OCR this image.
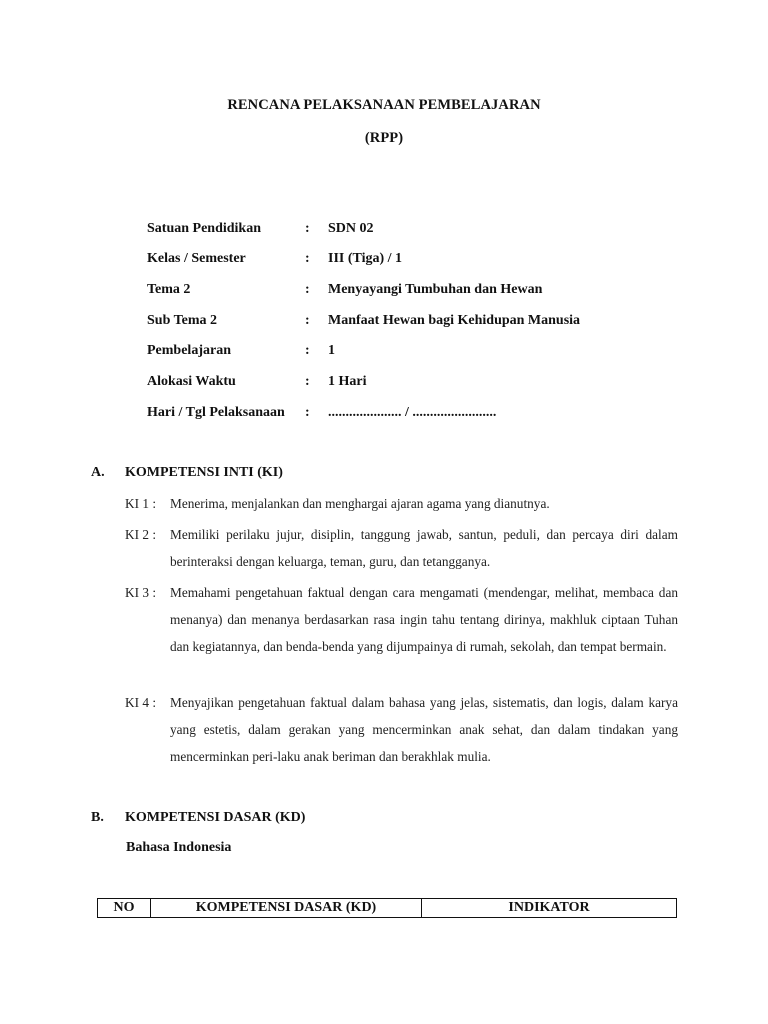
RENCANA PELAKSANAAN PEMBELAJARAN
(RPP)
Satuan Pendidikan	: SDN 02
Kelas / Semester	: III (Tiga) / 1
Tema 2	: Menyayangi Tumbuhan dan Hewan
Sub Tema 2	: Manfaat Hewan bagi Kehidupan Manusia
Pembelajaran	: 1
Alokasi Waktu	: 1 Hari
Hari / Tgl Pelaksanaan : ..................... / ........................
A. KOMPETENSI INTI (KI)
KI 1 : Menerima, menjalankan dan menghargai ajaran agama yang dianutnya.
KI 2 : Memiliki perilaku jujur, disiplin, tanggung jawab, santun, peduli, dan percaya diri dalam berinteraksi dengan keluarga, teman, guru, dan tetangganya.
KI 3 : Memahami pengetahuan faktual dengan cara mengamati (mendengar, melihat, membaca dan menanya) dan menanya berdasarkan rasa ingin tahu tentang dirinya, makhluk ciptaan Tuhan dan kegiatannya, dan benda-benda yang dijumpainya di rumah, sekolah, dan tempat bermain.
KI 4 : Menyajikan pengetahuan faktual dalam bahasa yang jelas, sistematis, dan logis, dalam karya yang estetis, dalam gerakan yang mencerminkan anak sehat, dan dalam tindakan yang mencerminkan peri-laku anak beriman dan berakhlak mulia.
B. KOMPETENSI DASAR (KD)
Bahasa Indonesia
NO	KOMPETENSI DASAR (KD)	INDIKATOR
